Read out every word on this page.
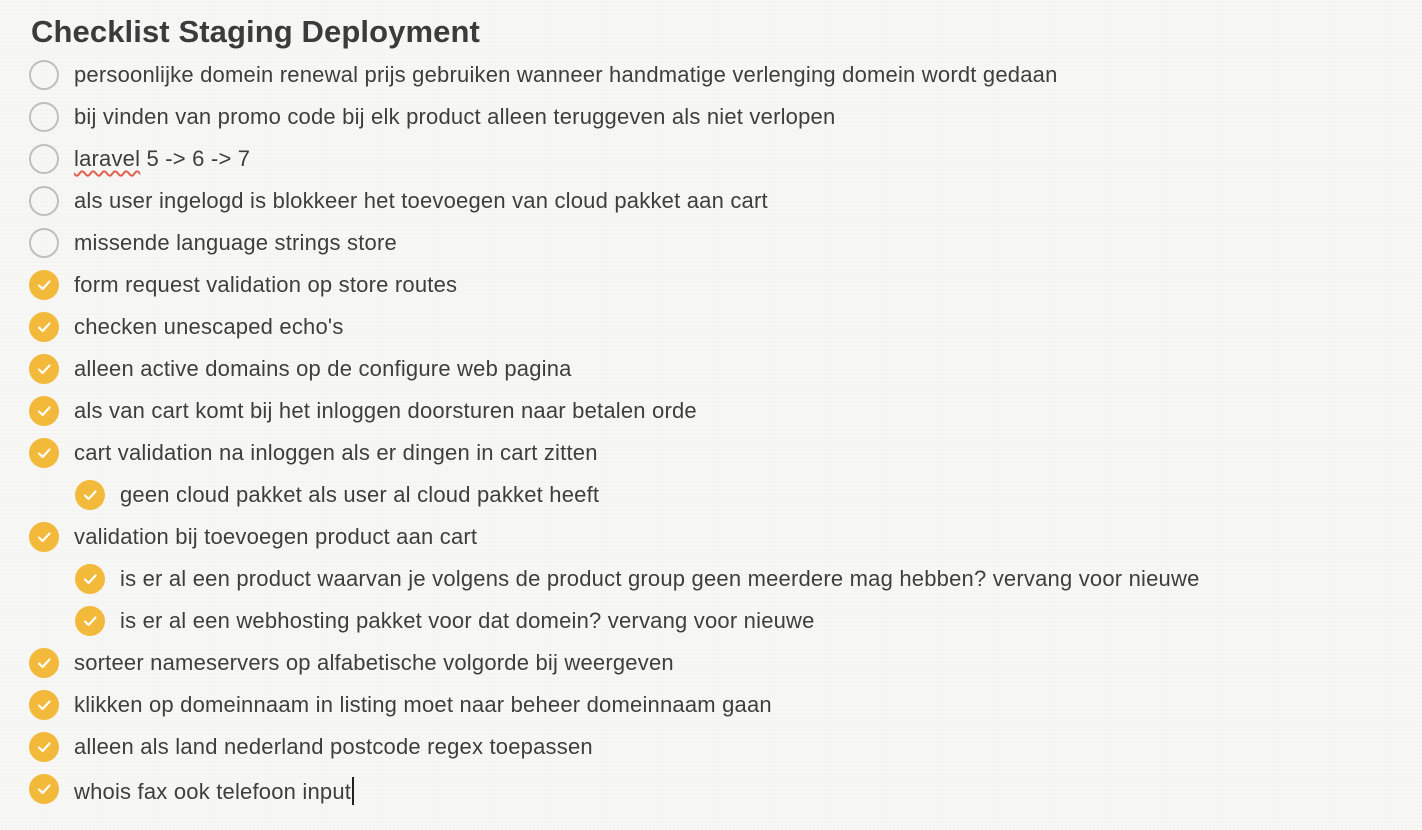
Checklist Staging Deployment
persoonlijke domein renewal prijs gebruiken wanneer handmatige verlenging domein wordt gedaan
bij vinden van promo code bij elk product alleen teruggeven als niet verlopen
laravel 5 -> 6 -> 7
als user ingelogd is blokkeer het toevoegen van cloud pakket aan cart
missende language strings store
form request validation op store routes
checken unescaped echo's
alleen active domains op de configure web pagina
als van cart komt bij het inloggen doorsturen naar betalen orde
cart validation na inloggen als er dingen in cart zitten
geen cloud pakket als user al cloud pakket heeft
validation bij toevoegen product aan cart
is er al een product waarvan je volgens de product group geen meerdere mag hebben? vervang voor nieuwe
is er al een webhosting pakket voor dat domein? vervang voor nieuwe
sorteer nameservers op alfabetische volgorde bij weergeven
klikken op domeinnaam in listing moet naar beheer domeinnaam gaan
alleen als land nederland postcode regex toepassen
whois fax ook telefoon input
